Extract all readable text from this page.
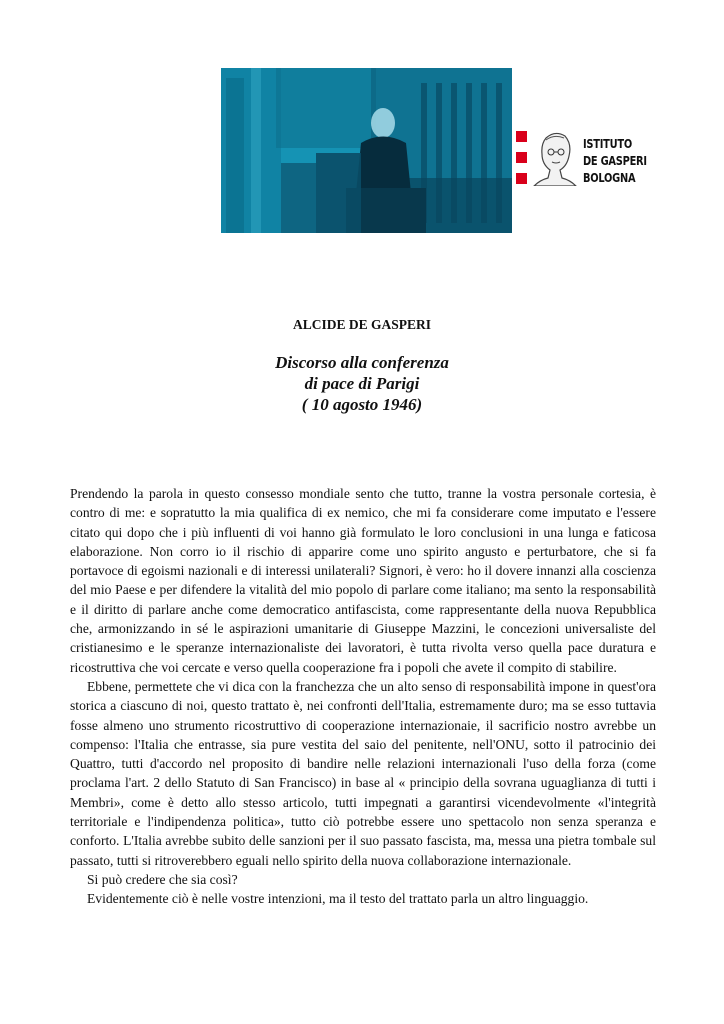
ISTITUTO
DE GASPERI
BOLOGNA
ALCIDE DE GASPERI
Discorso alla conferenza
di pace di Parigi
( 10 agosto 1946)

Prendendo la parola in questo consesso mondiale sento che tutto, tranne la vostra personale cortesia, è contro di me: e sopratutto la mia qualifica di ex nemico, che mi fa considerare come imputato e l'essere citato qui dopo che i più influenti di voi hanno già formulato le loro conclusioni in una lunga e faticosa elaborazione. Non corro io il rischio di apparire come uno spirito angusto e perturbatore, che si fa portavoce di egoismi nazionali e di interessi unilaterali? Signori, è vero: ho il dovere innanzi alla coscienza del mio Paese e per difendere la vitalità del mio popolo di parlare come italiano; ma sento la responsabilità e il diritto di parlare anche come democratico antifascista, come rappresentante della nuova Repubblica che, armonizzando in sé le aspirazioni umanitarie di Giuseppe Mazzini, le concezioni universaliste del cristianesimo e le speranze internazionaliste dei lavoratori, è tutta rivolta verso quella pace duratura e ricostruttiva che voi cercate e verso quella cooperazione fra i popoli che avete il compito di stabilire.

Ebbene, permettete che vi dica con la franchezza che un alto senso di responsabilità impone in quest'ora storica a ciascuno di noi, questo trattato è, nei confronti dell'Italia, estremamente duro; ma se esso tuttavia fosse almeno uno strumento ricostruttivo di cooperazione internazionaie, il sacrificio nostro avrebbe un compenso: l'Italia che entrasse, sia pure vestita del saio del penitente, nell'ONU, sotto il patrocinio dei Quattro, tutti d'accordo nel proposito di bandire nelle relazioni internazionali l'uso della forza (come proclama l'art. 2 dello Statuto di San Francisco) in base al « principio della sovrana uguaglianza di tutti i Membri», come è detto allo stesso articolo, tutti impegnati a garantirsi vicendevolmente «l'integrità territoriale e l'indipendenza politica», tutto ciò potrebbe essere uno spettacolo non senza speranza e conforto. L'Italia avrebbe subito delle sanzioni per il suo passato fascista, ma, messa una pietra tombale sul passato, tutti si ritroverebbero eguali nello spirito della nuova collaborazione internazionale.

Si può credere che sia così?

Evidentemente ciò è nelle vostre intenzioni, ma il testo del trattato parla un altro linguaggio.
